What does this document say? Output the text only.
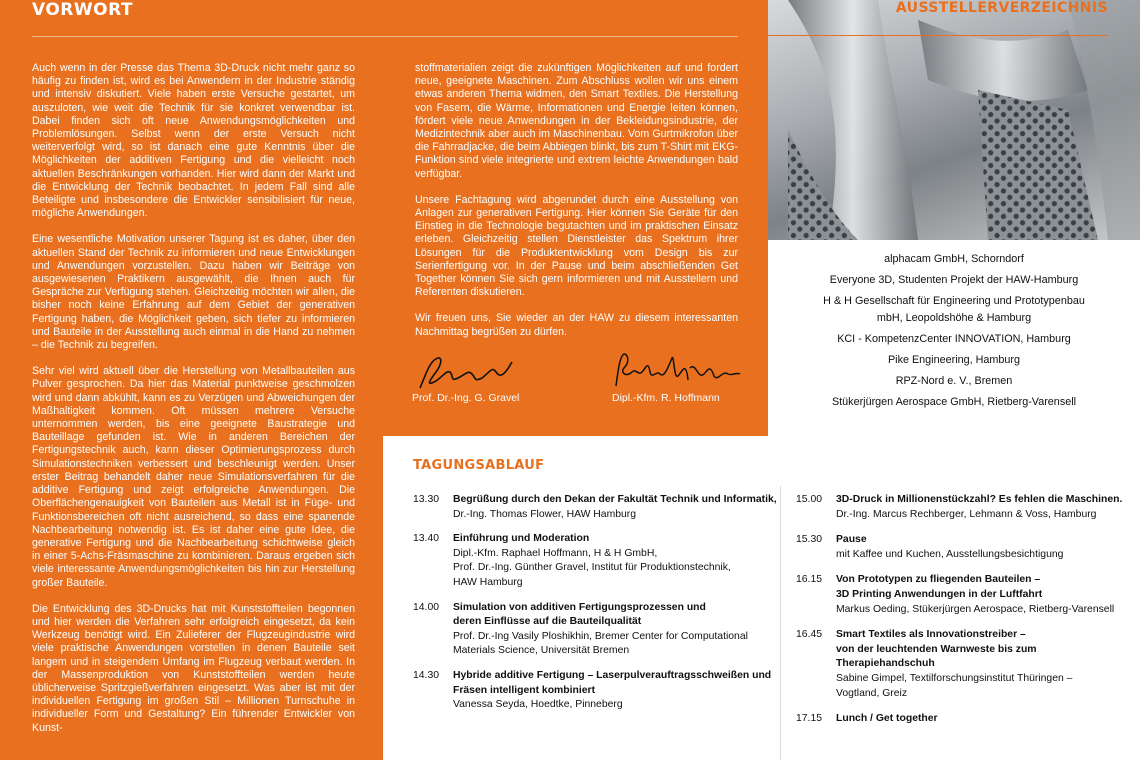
VORWORT

Auch wenn in der Presse das Thema 3D-Druck nicht mehr ganz so häufig zu finden ist, wird es bei Anwendern in der Industrie ständig und intensiv diskutiert. Viele haben erste Versuche gestartet, um auszuloten, wie weit die Technik für sie konkret verwendbar ist. Dabei finden sich oft neue Anwendungsmöglichkeiten und Problemlösungen. Selbst wenn der erste Versuch nicht weiterverfolgt wird, so ist danach eine gute Kenntnis über die Möglichkeiten der additiven Fertigung und die vielleicht noch aktuellen Beschränkungen vorhanden. Hier wird dann der Markt und die Entwicklung der Technik beobachtet. In jedem Fall sind alle Beteiligte und insbesondere die Entwickler sensibilisiert für neue, mögliche Anwendungen.

Eine wesentliche Motivation unserer Tagung ist es daher, über den aktuellen Stand der Technik zu informieren und neue Entwicklungen und Anwendungen vorzustellen. Dazu haben wir Beiträge von ausgewiesenen Praktikern ausgewählt, die Ihnen auch für Gespräche zur Verfügung stehen. Gleichzeitig möchten wir allen, die bisher noch keine Erfahrung auf dem Gebiet der generativen Fertigung haben, die Möglichkeit geben, sich tiefer zu informieren und Bauteile in der Ausstellung auch einmal in die Hand zu nehmen – die Technik zu begreifen.

Sehr viel wird aktuell über die Herstellung von Metallbauteilen aus Pulver gesprochen. Da hier das Material punktweise geschmolzen wird und dann abkühlt, kann es zu Verzügen und Abweichungen der Maßhaltigkeit kommen. Oft müssen mehrere Versuche unternommen werden, bis eine geeignete Baustrategie und Bauteillage gefunden ist. Wie in anderen Bereichen der Fertigungstechnik auch, kann dieser Optimierungsprozess durch Simulationstechniken verbessert und beschleunigt werden. Unser erster Beitrag behandelt daher neue Simulationsverfahren für die additive Fertigung und zeigt erfolgreiche Anwendungen. Die Oberflächengenauigkeit von Bauteilen aus Metall ist in Füge- und Funktionsbereichen oft nicht ausreichend, so dass eine spanende Nachbearbeitung notwendig ist. Es ist daher eine gute Idee, die generative Fertigung und die Nachbearbeitung schichtweise gleich in einer 5-Achs-Fräsmaschine zu kombinieren. Daraus ergeben sich viele interessante Anwendungsmöglichkeiten bis hin zur Herstellung großer Bauteile.

Die Entwicklung des 3D-Drucks hat mit Kunststoffteilen begonnen und hier werden die Verfahren sehr erfolgreich eingesetzt, da kein Werkzeug benötigt wird. Ein Zulieferer der Flugzeugindustrie wird viele praktische Anwendungen vorstellen in denen Bauteile seit langem und in steigendem Umfang im Flugzeug verbaut werden. In der Massenproduktion von Kunststoffteilen werden heute üblicherweise Spritzgießverfahren eingesetzt. Was aber ist mit der individuellen Fertigung im großen Stil – Millionen Turnschuhe in individueller Form und Gestaltung? Ein führender Entwickler von Kunst-

stoffmaterialien zeigt die zukünftigen Möglichkeiten auf und fordert neue, geeignete Maschinen. Zum Abschluss wollen wir uns einem etwas anderen Thema widmen, den Smart Textiles. Die Herstellung von Fasern, die Wärme, Informationen und Energie leiten können, fördert viele neue Anwendungen in der Bekleidungsindustrie, der Medizintechnik aber auch im Maschinenbau. Vom Gurtmikrofon über die Fahrradjacke, die beim Abbiegen blinkt, bis zum T-Shirt mit EKG-Funktion sind viele integrierte und extrem leichte Anwendungen bald verfügbar.

Unsere Fachtagung wird abgerundet durch eine Ausstellung von Anlagen zur generativen Fertigung. Hier können Sie Geräte für den Einstieg in die Technologie begutachten und im praktischen Einsatz erleben. Gleichzeitig stellen Dienstleister das Spektrum ihrer Lösungen für die Produktentwicklung vom Design bis zur Serienfertigung vor. In der Pause und beim abschließenden Get Together können Sie sich gern informieren und mit Ausstellern und Referenten diskutieren.

Wir freuen uns, Sie wieder an der HAW zu diesem interessanten Nachmittag begrüßen zu dürfen.

Prof. Dr.-Ing. G. Gravel	Dipl.-Kfm. R. Hoffmann
AUSSTELLERVERZEICHNIS
alphacam GmbH, Schorndorf
Everyone 3D, Studenten Projekt der HAW-Hamburg
H & H Gesellschaft für Engineering und Prototypenbau mbH, Leopoldshöhe & Hamburg
KCI - KompetenzCenter INNOVATION, Hamburg
Pike Engineering, Hamburg
RPZ-Nord e. V., Bremen
Stükerjürgen Aerospace GmbH, Rietberg-Varensell
TAGUNGSABLAUF
13.30	Begrüßung durch den Dekan der Fakultät Technik und Informatik,
Dr.-Ing. Thomas Flower, HAW Hamburg
13.40	Einführung und Moderation
Dipl.-Kfm. Raphael Hoffmann, H & H GmbH,
Prof. Dr.-Ing. Günther Gravel, Institut für Produktionstechnik,
HAW Hamburg
14.00	Simulation von additiven Fertigungsprozessen und
deren Einflüsse auf die Bauteilqualität
Prof. Dr.-Ing Vasily Ploshikhin, Bremer Center for Computational
Materials Science, Universität Bremen
14.30	Hybride additive Fertigung – Laserpulverauftragsschweißen und
Fräsen intelligent kombiniert
Vanessa Seyda, Hoedtke, Pinneberg
15.00	3D-Druck in Millionenstückzahl? Es fehlen die Maschinen.
Dr.-Ing. Marcus Rechberger, Lehmann & Voss, Hamburg
15.30	Pause
mit Kaffee und Kuchen, Ausstellungsbesichtigung
16.15	Von Prototypen zu fliegenden Bauteilen –
3D Printing Anwendungen in der Luftfahrt
Markus Oeding, Stükerjürgen Aerospace, Rietberg-Varensell
16.45	Smart Textiles als Innovationstreiber –
von der leuchtenden Warnweste bis zum Therapiehandschuh
Sabine Gimpel, Textilforschungsinstitut Thüringen –
Vogtland, Greiz
17.15	Lunch / Get together
